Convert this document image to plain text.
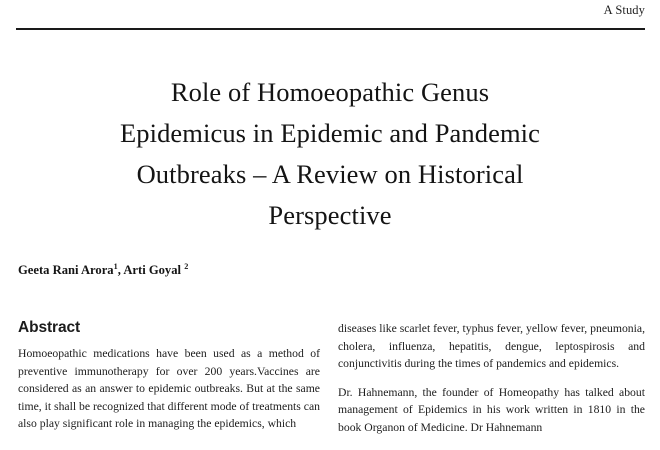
A Study
Role of Homoeopathic Genus
Epidemicus in Epidemic and Pandemic
Outbreaks – A Review on Historical
Perspective
Geeta Rani Arora$^1$, Arti Goyal $^2$
Abstract

Homoeopathic medications have been used as a method of preventive immunotherapy for over 200 years.Vaccines are considered as an answer to epidemic outbreaks. But at the same time, it shall be recognized that different mode of treatments can also play significant role in managing the epidemics, which

diseases like scarlet fever, typhus fever, yellow fever, pneumonia, cholera, influenza, hepatitis, dengue, leptospirosis and conjunctivitis during the times of pandemics and epidemics.

Dr. Hahnemann, the founder of Homeopathy has talked about management of Epidemics in his work written in 1810 in the book Organon of Medicine. Dr Hahnemann
